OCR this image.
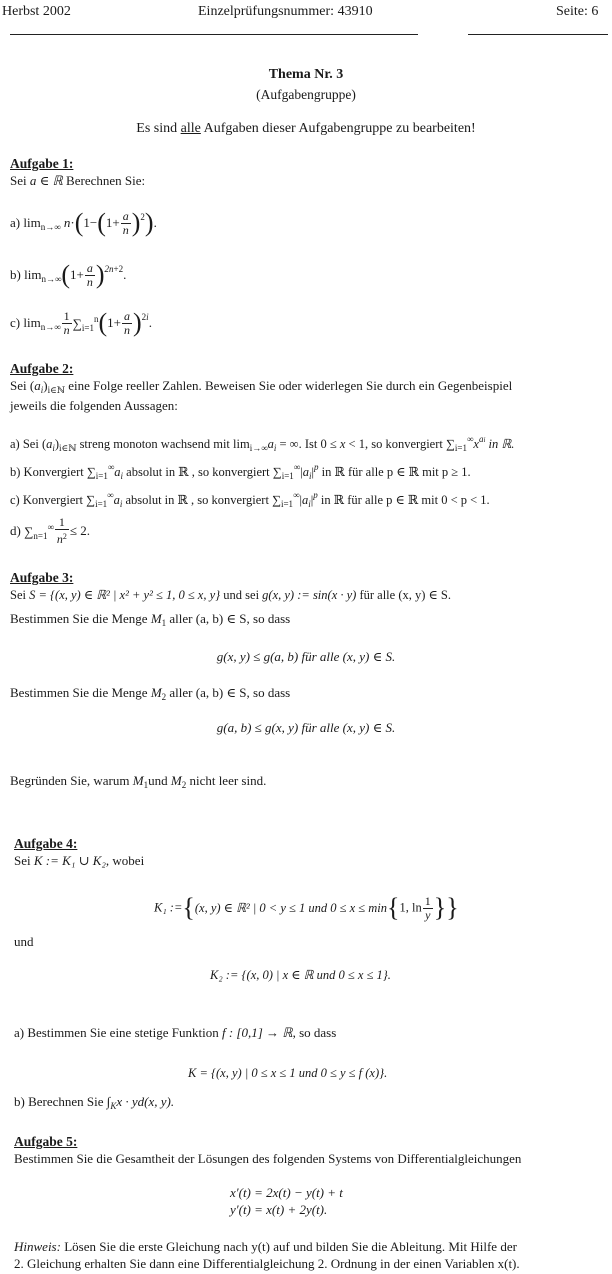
Herbst 2002	Einzelprüfungsnummer: 43910	Seite: 6
Thema Nr. 3
(Aufgabengruppe)
Es sind alle Aufgaben dieser Aufgabengruppe zu bearbeiten!
Aufgabe 1:
Sei a ∈ ℝ Berechnen Sie:
a) $\lim_{n\to\infty} n\cdot(1-(1+ \frac{a}{n} )^2)$.
b) $\lim_{n\to\infty}(1+ \frac{a}{n} )^{2n+2}$.
c) $\lim_{n\to\infty} \frac{1}{n} \sum_{i=1}^n(1+ \frac{a}{n} )^{2i}$.
Aufgabe 2:
Sei $(a_i)_{i\in ℕ}$ eine Folge reeller Zahlen. Beweisen Sie oder widerlegen Sie durch ein Gegenbeispiel
jeweils die folgenden Aussagen:
a) Sei $(a_i)_{i\in ℕ}$ streng monoton wachsend mit $\lim_{i\to\infty}a_i$ = ∞. Ist 0 ≤ x < 1, so konvergiert $\sum_{i=1}^\infty x^{ai}$ in ℝ.
b) Konvergiert $\sum_{i=1}^\infty a_i$ absolut in ℝ , so konvergiert $\sum_{i=1}^\infty|a_i|^p$ in ℝ für alle p ∈ ℝ mit p ≥ 1.
c) Konvergiert $\sum_{i=1}^\infty a_i$ absolut in ℝ , so konvergiert $\sum_{i=1}^\infty|a_i|^p$ in ℝ für alle p ∈ ℝ mit 0 < p < 1.
d) $\sum_{n=1}^\infty \frac{1}{n^2} \le 2$.
Aufgabe 3:
Sei S = {(x, y) ∈ ℝ² | x² + y² ≤ 1, 0 ≤ x, y} und sei g(x, y) := sin(x · y) für alle (x, y) ∈ S.
Bestimmen Sie die Menge $M_1$ aller (a, b) ∈ S, so dass
g(x, y) ≤ g(a, b) für alle (x, y) ∈ S.
Bestimmen Sie die Menge $M_2$ aller (a, b) ∈ S, so dass
g(a, b) ≤ g(x, y) für alle (x, y) ∈ S.
Begründen Sie, warum $M_1und$ $M_2$ nicht leer sind.
Aufgabe 4:
Sei K := K₁ ∪ K₂, wobei
K₁ :={(x, y) ∈ ℝ² | 0 < y ≤ 1 und 0 ≤ x ≤ min{1, $\ln \frac{1}{y}$ }}
und
K₂ := {(x, 0) | x ∈ ℝ und 0 ≤ x ≤ 1}.
a) Bestimmen Sie eine stetige Funktion f : [0,1] → ℝ, so dass
K = {(x, y) | 0 ≤ x ≤ 1 und 0 ≤ y ≤ f (x)}.
b) Berechnen Sie $\int_Kx \cdot yd(x$, y).
Aufgabe 5:
Bestimmen Sie die Gesamtheit der Lösungen des folgenden Systems von Differentialgleichungen
x′(t) = 2x(t) − y(t) + t
y′(t) = x(t) + 2y(t).
Hinweis: Lösen Sie die erste Gleichung nach y(t) auf und bilden Sie die Ableitung. Mit Hilfe der
2. Gleichung erhalten Sie dann eine Differentialgleichung 2. Ordnung in der einen Variablen x(t).
